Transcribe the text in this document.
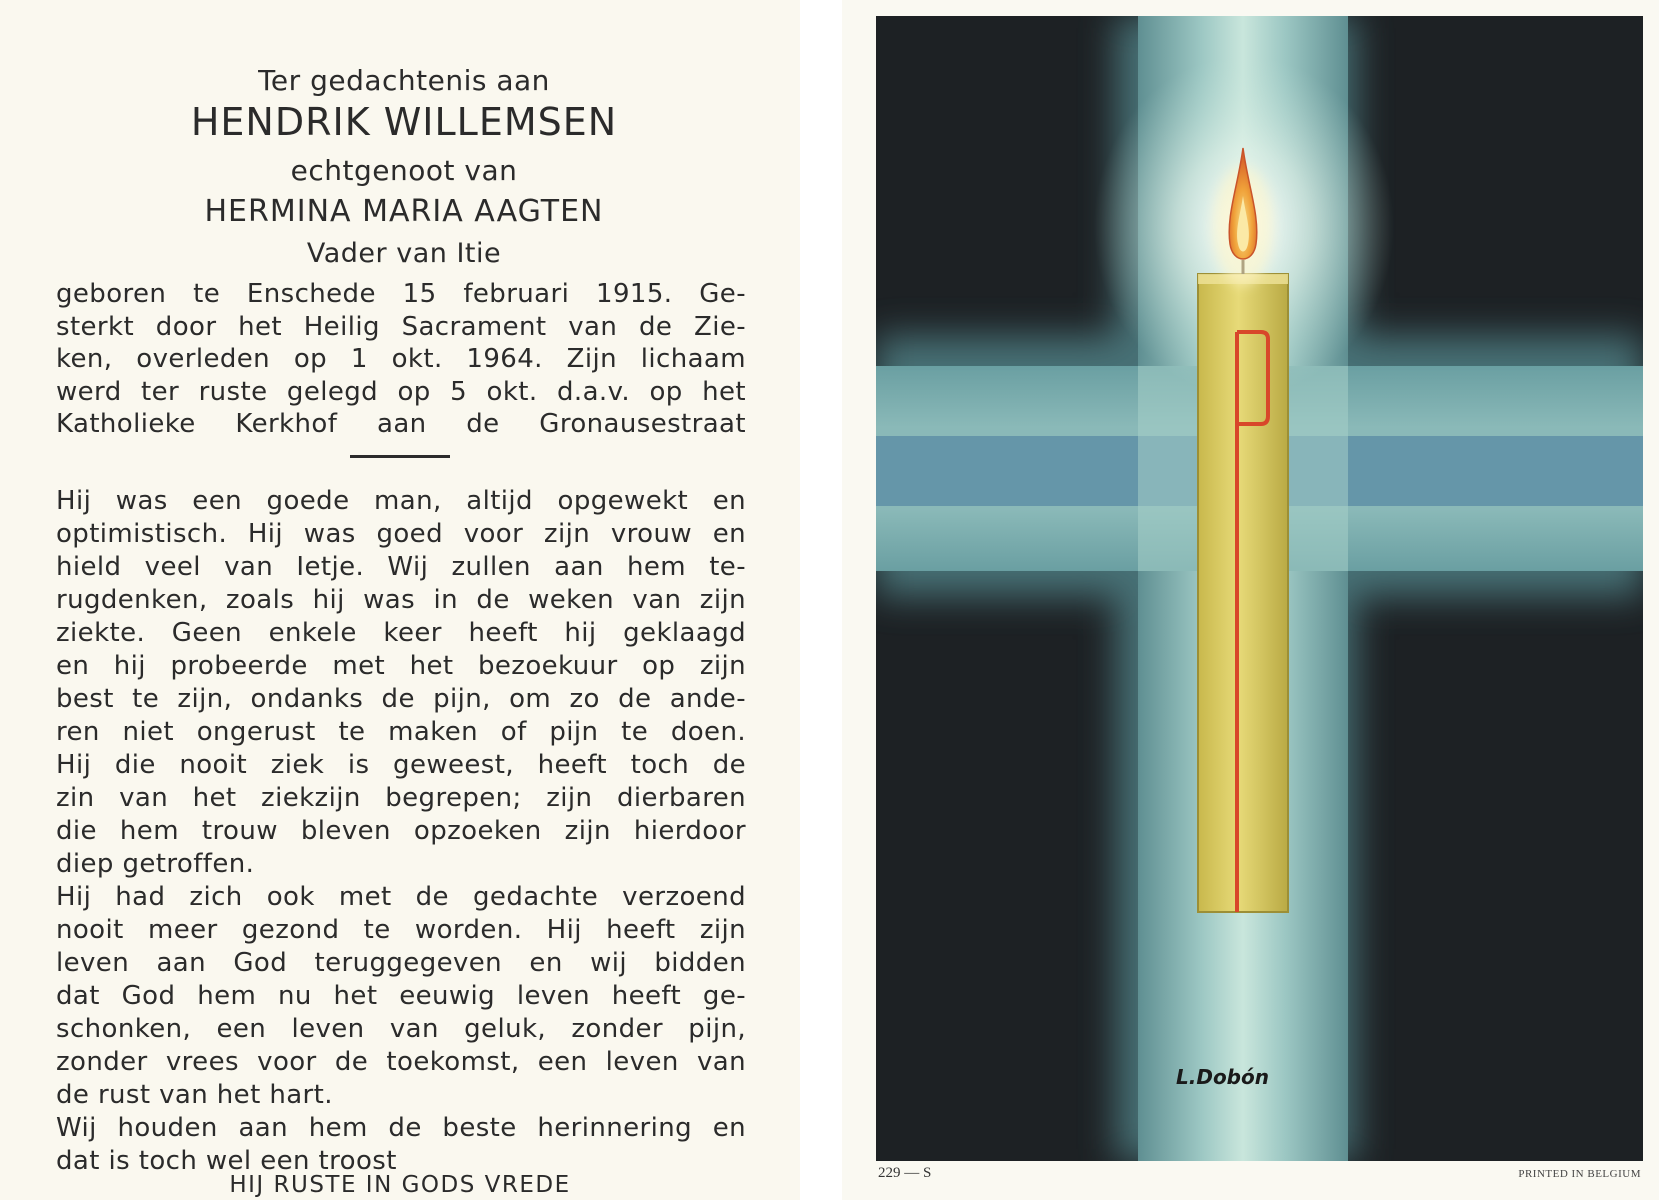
Ter gedachtenis aan
HENDRIK WILLEMSEN
echtgenoot van
HERMINA MARIA AAGTEN
Vader van Itie
geboren te Enschede 15 februari 1915. Ge-
sterkt door het Heilig Sacrament van de Zie-
ken, overleden op 1 okt. 1964. Zijn lichaam
werd ter ruste gelegd op 5 okt. d.a.v. op het
Katholieke Kerkhof aan de Gronausestraat
Hij was een goede man, altijd opgewekt en
optimistisch. Hij was goed voor zijn vrouw en
hield veel van Ietje. Wij zullen aan hem te-
rugdenken, zoals hij was in de weken van zijn
ziekte. Geen enkele keer heeft hij geklaagd
en hij probeerde met het bezoekuur op zijn
best te zijn, ondanks de pijn, om zo de ande-
ren niet ongerust te maken of pijn te doen.
Hij die nooit ziek is geweest, heeft toch de
zin van het ziekzijn begrepen; zijn dierbaren
die hem trouw bleven opzoeken zijn hierdoor
diep getroffen.
Hij had zich ook met de gedachte verzoend
nooit meer gezond te worden. Hij heeft zijn
leven aan God teruggegeven en wij bidden
dat God hem nu het eeuwig leven heeft ge-
schonken, een leven van geluk, zonder pijn,
zonder vrees voor de toekomst, een leven van
de rust van het hart.
Wij houden aan hem de beste herinnering en
dat is toch wel een troost
HIJ RUSTE IN GODS VREDE
L.Dobón
229 — S	PRINTED IN BELGIUM
